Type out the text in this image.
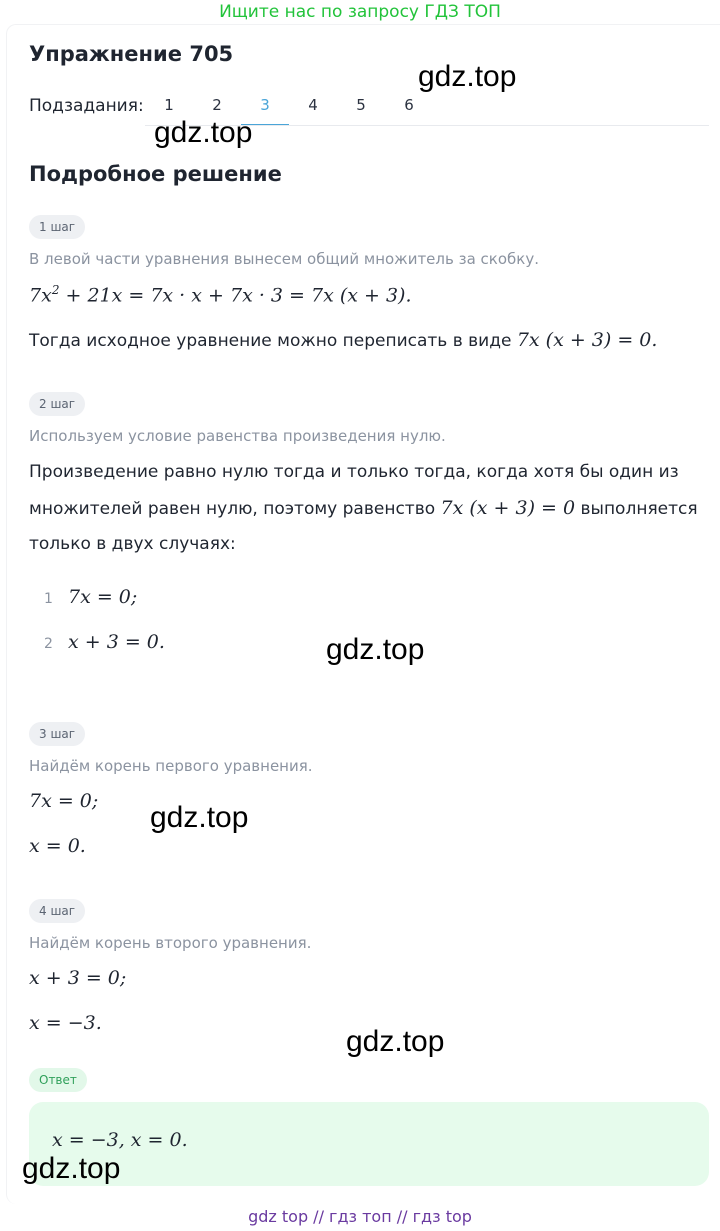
Ищите нас по запросу ГДЗ ТОП
Упражнение 705
Подзадания:	1	2	3	4	5	6
Подробное решение
1 шаг
В левой части уравнения вынесем общий множитель за скобку.
$7x^2 + 21x = 7x \cdot x + 7x \cdot 3 = 7x$ (x + 3).
Тогда исходное уравнение можно переписать в виде 7x (x + 3) = 0.
2 шаг
Используем условие равенства произведения нулю.
Произведение равно нулю тогда и только тогда, когда хотя бы один из
множителей равен нулю, поэтому равенство 7x (x + 3) = 0 выполняется
только в двух случаях:
1 7x = 0;
2 x + 3 = 0.
3 шаг
Найдём корень первого уравнения.
7x = 0;
x = 0.
4 шаг
Найдём корень второго уравнения.
x + 3 = 0;
x = −3.
Ответ
x = −3, x = 0.
gdz.top
gdz.top
gdz.top
gdz.top
gdz.top
gdz.top
gdz top // гдз топ // гдз top
